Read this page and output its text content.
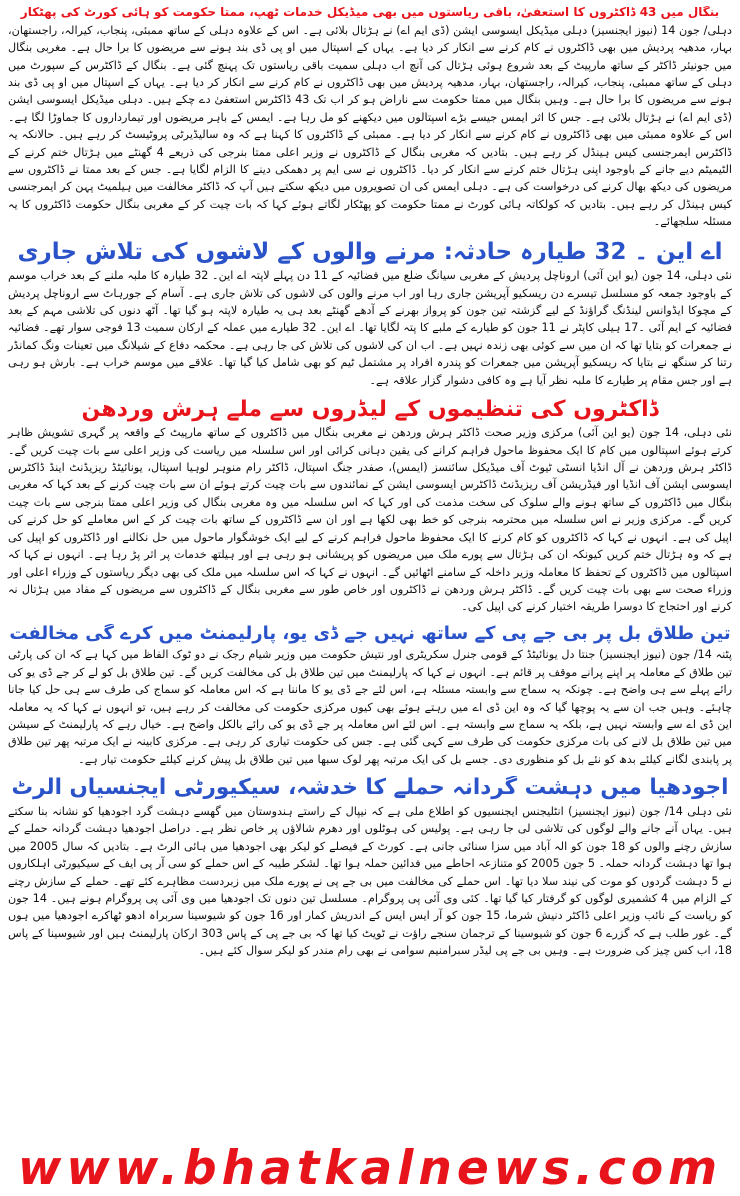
بنگال میں 43 ڈاکٹروں کا استعفیٰ، باقی ریاستوں میں بھی میڈیکل خدمات ٹھپ، ممتا حکومت کو ہائی کورٹ کی پھٹکار

دہلی/ جون 14 (نیوز ایجنسیز) دہلی میڈیکل ایسوسی ایشن (ڈی ایم اے) نے ہڑتال بلائی ہے۔ اس کے علاوہ دہلی کے ساتھ ممبئی، پنجاب، کیرالہ، راجستھان، بہار، مدھیہ پردیش میں بھی ڈاکٹروں نے کام کرنے سے انکار کر دیا ہے۔ یہاں کے اسپتال میں او پی ڈی بند ہونے سے مریضوں کا برا حال ہے۔ مغربی بنگال میں جونیئر ڈاکٹر کے ساتھ مارپیٹ کے بعد شروع ہوئی ہڑتال کی آنچ اب دہلی سمیت باقی ریاستوں تک پہنچ گئی ہے۔ بنگال کے ڈاکٹرس کے سپورٹ میں دہلی کے ساتھ ممبئی، پنجاب، کیرالہ، راجستھان، بہار، مدھیہ پردیش میں بھی ڈاکٹروں نے کام کرنے سے انکار کر دیا ہے۔ یہاں کے اسپتال میں او پی ڈی بند ہونے سے مریضوں کا برا حال ہے۔ وہیں بنگال میں ممتا حکومت سے ناراض ہو کر اب تک 43 ڈاکٹرس استعفیٰ دے چکے ہیں۔ دہلی میڈیکل ایسوسی ایشن (ڈی ایم اے) نے ہڑتال بلائی ہے۔ جس کا اثر ایمس جیسے بڑے اسپتالوں میں دیکھنے کو مل رہا ہے۔ ایمس کے باہر مریضوں اور تیمارداروں کا جماوڑا لگا ہے۔ اس کے علاوہ ممبئی میں بھی ڈاکٹروں نے کام کرنے سے انکار کر دیا ہے۔ ممبئی کے ڈاکٹروں کا کہنا ہے کہ وہ سالیڈیرٹی پروٹیسٹ کر رہے ہیں۔ حالانکہ یہ ڈاکٹرس ایمرجنسی کیس ہینڈل کر رہے ہیں۔ بتادیں کہ مغربی بنگال کے ڈاکٹروں نے وزیر اعلی ممتا بنرجی کی ذریعے 4 گھنٹے میں ہڑتال ختم کرنے کے الٹیمیٹم دیے جانے کے باوجود اپنی ہڑتال ختم کرنے سے انکار کر دیا۔ ڈاکٹروں نے سی ایم پر دھمکی دینے کا الزام لگایا ہے۔ جس کے بعد ممتا نے ڈاکٹروں سے مریضوں کی دیکھ بھال کرنے کی درخواست کی ہے۔ دہلی ایمس کی ان تصویروں میں دیکھ سکتے ہیں آپ کہ ڈاکٹر مخالفت میں ہیلمیٹ پہن کر ایمرجنسی کیس ہینڈل کر رہے ہیں۔ بتادیں کہ کولکاتہ ہائی کورٹ نے ممتا حکومت کو پھٹکار لگاتے ہوئے کہا کہ بات چیت کر کے مغربی بنگال حکومت ڈاکٹروں کا یہ مسئلہ سلجھائے۔

اے این ۔ 32 طیارہ حادثہ: مرنے والوں کے لاشوں کی تلاش جاری

نئی دہلی، 14 جون (یو این آئی) اروناچل پردیش کے مغربی سیانگ ضلع میں فضائیہ کے 11 دن پہلے لاپتہ اے این۔ 32 طیارہ کا ملبہ ملنے کے بعد خراب موسم کے باوجود جمعہ کو مسلسل تیسرے دن ریسکیو آپریشن جاری رہا اور اب مرنے والوں کی لاشوں کی تلاش جاری ہے۔ آسام کے جورہاٹ سے اروناچل پردیش کے مچوکا ایڈوانس لینڈنگ گراؤنڈ کے لیے گزشتہ تین جون کو پرواز بھرنے کے آدھے گھنٹے بعد ہی یہ طیارہ لاپتہ ہو گیا تھا۔ آٹھ دنوں کی تلاشی مہم کے بعد فضائیہ کے ایم آئی ۔17 ہیلی کاپٹر نے 11 جون کو طیارے کے ملبے کا پتہ لگایا تھا۔ اے این۔ 32 طیارے میں عملہ کے ارکان سمیت 13 فوجی سوار تھے۔ فضائیہ نے جمعرات کو بتایا تھا کہ ان میں سے کوئی بھی زندہ نہیں ہے۔ اب ان کی لاشوں کی تلاش کی جا رہی ہے۔ محکمہ دفاع کے شیلانگ میں تعینات ونگ کمانڈر رتنا کر سنگھ نے بتایا کہ ریسکیو آپریشن میں جمعرات کو پندرہ افراد پر مشتمل ٹیم کو بھی شامل کیا گیا تھا۔ علاقے میں موسم خراب ہے۔ بارش ہو رہی ہے اور جس مقام پر طیارے کا ملبہ نظر آیا ہے وہ کافی دشوار گزار علاقہ ہے۔

ڈاکٹروں کی تنظیموں کے لیڈروں سے ملے ہرش وردھن

نئی دہلی، 14 جون (یو این آئی) مرکزی وزیر صحت ڈاکٹر ہرش وردھن نے مغربی بنگال میں ڈاکٹروں کے ساتھ مارپیٹ کے واقعہ پر گہری تشویش ظاہر کرتے ہوئے اسپتالوں میں کام کا ایک محفوظ ماحول فراہم کرانے کی یقین دہانی کرائی اور اس سلسلہ میں ریاست کی وزیر اعلی سے بات چیت کریں گے۔ ڈاکٹر ہرش وردھن نے آل انڈیا انسٹی ٹیوٹ آف میڈیکل سائنسز (ایمس)، صفدر جنگ اسپتال، ڈاکٹر رام منوہر لوہیا اسپتال، یونائیٹڈ ریزیڈنٹ اینڈ ڈاکٹرس ایسوسی ایشن آف انڈیا اور فیڈریشن آف ریزیڈنٹ ڈاکٹرس ایسوسی ایشن کے نمائندوں سے بات چیت کرتے ہوئے ان سے بات چیت کرنے کے بعد کہا کہ مغربی بنگال میں ڈاکٹروں کے ساتھ ہونے والے سلوک کی سخت مذمت کی اور کہا کہ اس سلسلہ میں وہ مغربی بنگال کی وزیر اعلی ممتا بنرجی سے بات چیت کریں گے۔ مرکزی وزیر نے اس سلسلہ میں محترمہ بنرجی کو خط بھی لکھا ہے اور ان سے ڈاکٹروں کے ساتھ بات چیت کر کے اس معاملے کو حل کرنے کی اپیل کی ہے۔ انہوں نے کہا کہ ڈاکٹروں کو کام کرنے کا ایک محفوظ ماحول فراہم کرنے کے لیے ایک خوشگوار ماحول میں حل نکالنے اور ڈاکٹروں کو اپیل کی ہے کہ وہ ہڑتال ختم کریں کیونکہ ان کی ہڑتال سے پورے ملک میں مریضوں کو پریشانی ہو رہی ہے اور ہیلتھ خدمات پر اثر پڑ رہا ہے۔ انہوں نے کہا کہ اسپتالوں میں ڈاکٹروں کے تحفظ کا معاملہ وزیر داخلہ کے سامنے اٹھائیں گے۔ انہوں نے کہا کہ اس سلسلہ میں ملک کی بھی دیگر ریاستوں کے وزراء اعلی اور وزراء صحت سے بھی بات چیت کریں گے۔ ڈاکٹر ہرش وردھن نے ڈاکٹروں اور خاص طور سے مغربی بنگال کے ڈاکٹروں سے مریضوں کے مفاد میں ہڑتال نہ کرنے اور احتجاج کا دوسرا طریقہ اختیار کرنے کی اپیل کی۔

تین طلاق بل پر بی جے پی کے ساتھ نہیں جے ڈی یو، پارلیمنٹ میں کرے گی مخالفت

پٹنہ 14/ جون (نیوز ایجنسیز) جنتا دل یونائیٹڈ کے قومی جنرل سکریٹری اور نتیش حکومت میں وزیر شیام رجک نے دو ٹوک الفاظ میں کہا ہے کہ ان کی پارٹی تین طلاق کے معاملہ پر اپنے پرانے موقف پر قائم ہے۔ انہوں نے کہا کہ پارلیمنٹ میں تین طلاق بل کی مخالفت کریں گے۔ تین طلاق بل کو لے کر جے ڈی یو کی رائے پہلے سے ہی واضح ہے۔ چونکہ یہ سماج سے وابستہ مسئلہ ہے، اس لئے جے ڈی یو کا ماننا ہے کہ اس معاملہ کو سماج کی طرف سے ہی حل کیا جانا چاہئے۔ وہیں جب ان سے یہ پوچھا گیا کہ وہ این ڈی اے میں رہتے ہوئے بھی کیوں مرکزی حکومت کی مخالفت کر رہے ہیں، تو انہوں نے کہا کہ یہ معاملہ این ڈی اے سے وابستہ نہیں ہے، بلکہ یہ سماج سے وابستہ ہے۔ اس لئے اس معاملہ پر جے ڈی یو کی رائے بالکل واضح ہے۔ خیال رہے کہ پارلیمنٹ کے سیشن میں تین طلاق بل لانے کی بات مرکزی حکومت کی طرف سے کہی گئی ہے۔ جس کی حکومت تیاری کر رہی ہے۔ مرکزی کابینہ نے ایک مرتبہ پھر تین طلاق پر پابندی لگانے کیلئے بدھ کو نئے بل کو منظوری دی۔ جسے بل کی ایک مرتبہ پھر لوک سبھا میں تین طلاق بل پیش کرنے کیلئے حکومت تیار ہے۔

اجودھیا میں دہشت گردانہ حملے کا خدشہ، سیکیورٹی ایجنسیاں الرٹ

نئی دہلی 14/ جون (نیوز ایجنسیز) انٹلیجنس ایجنسیوں کو اطلاع ملی ہے کہ نیپال کے راستے ہندوستان میں گھسے دہشت گرد اجودھیا کو نشانہ بنا سکتے ہیں۔ یہاں آنے جانے والے لوگوں کی تلاشی لی جا رہی ہے۔ پولیس کی ہوٹلوں اور دھرم شالاؤں پر خاص نظر ہے۔ دراصل اجودھیا دہشت گردانہ حملے کے سازش رچنے والوں کو 18 جون کو الہ آباد میں سزا سنائی جانی ہے۔ کورٹ کے فیصلے کو لیکر بھی اجودھیا میں ہائی الرٹ ہے۔ بتادیں کہ سال 2005 میں ہوا تھا دہشت گردانہ حملہ۔ 5 جون 2005 کو متنازعہ احاطے میں فدائین حملہ ہوا تھا۔ لشکر طیبہ کے اس حملے کو سی آر پی ایف کے سیکیورٹی اہلکاروں نے 5 دہشت گردوں کو موت کی نیند سلا دیا تھا۔ اس حملے کی مخالفت میں بی جے پی نے پورے ملک میں زبردست مظاہرے کئے تھے۔ حملے کے سازش رچنے کے الزام میں 4 کشمیری لوگوں کو گرفتار کیا گیا تھا۔ کئی وی آئی پی پروگرام۔ مسلسل تین دنوں تک اجودھیا میں وی آئی پی پروگرام ہونے ہیں۔ 14 جون کو ریاست کے نائب وزیر اعلی ڈاکٹر دنیش شرما، 15 جون کو آر ایس ایس کے اندریش کمار اور 16 جون کو شیوسینا سربراہ ادھو ٹھاکرے اجودھیا میں ہوں گے۔ غور طلب ہے کہ گزرے 6 جون کو شیوسینا کے ترجمان سنجے راؤت نے ٹویٹ کیا تھا کہ بی جے پی کے پاس 303 ارکان پارلیمنٹ ہیں اور شیوسینا کے پاس 18، اب کس چیز کی ضرورت ہے۔ وہیں بی جے پی لیڈر سبرامنیم سوامی نے بھی رام مندر کو لیکر سوال کئے ہیں۔

www.bhatkalnews.com
